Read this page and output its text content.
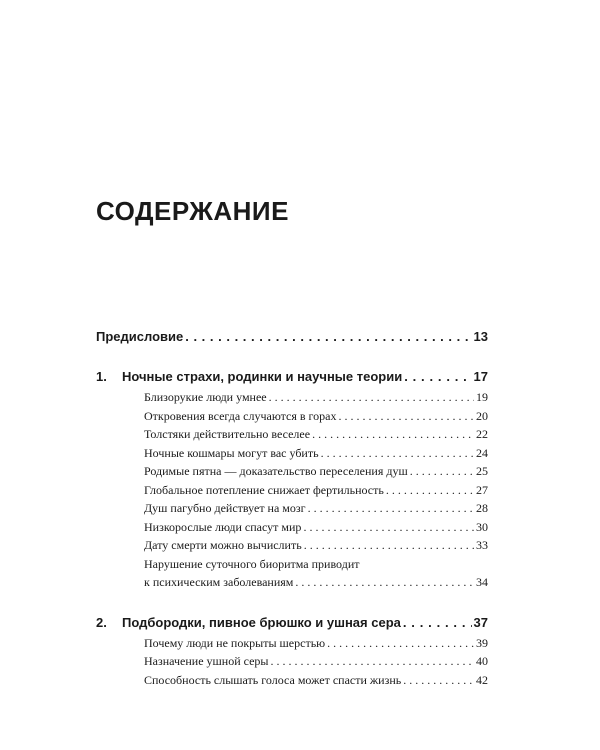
СОДЕРЖАНИЕ
Предисловие . . .	13
1.	Ночные страхи, родинки и научные теории . . .	17
Близорукие люди умнее . . .	19
Откровения всегда случаются в горах . . .	20
Толстяки действительно веселее . . .	22
Ночные кошмары могут вас убить . . .	24
Родимые пятна — доказательство переселения душ . . .	25
Глобальное потепление снижает фертильность . . .	27
Душ пагубно действует на мозг . . .	28
Низкорослые люди спасут мир . . .	30
Дату смерти можно вычислить . . .	33
Нарушение суточного биоритма приводит
к психическим заболеваниям . . .	34
2.	Подбородки, пивное брюшко и ушная сера . . .	37
Почему люди не покрыты шерстью . . .	39
Назначение ушной серы . . .	40
Способность слышать голоса может спасти жизнь . . .	42
